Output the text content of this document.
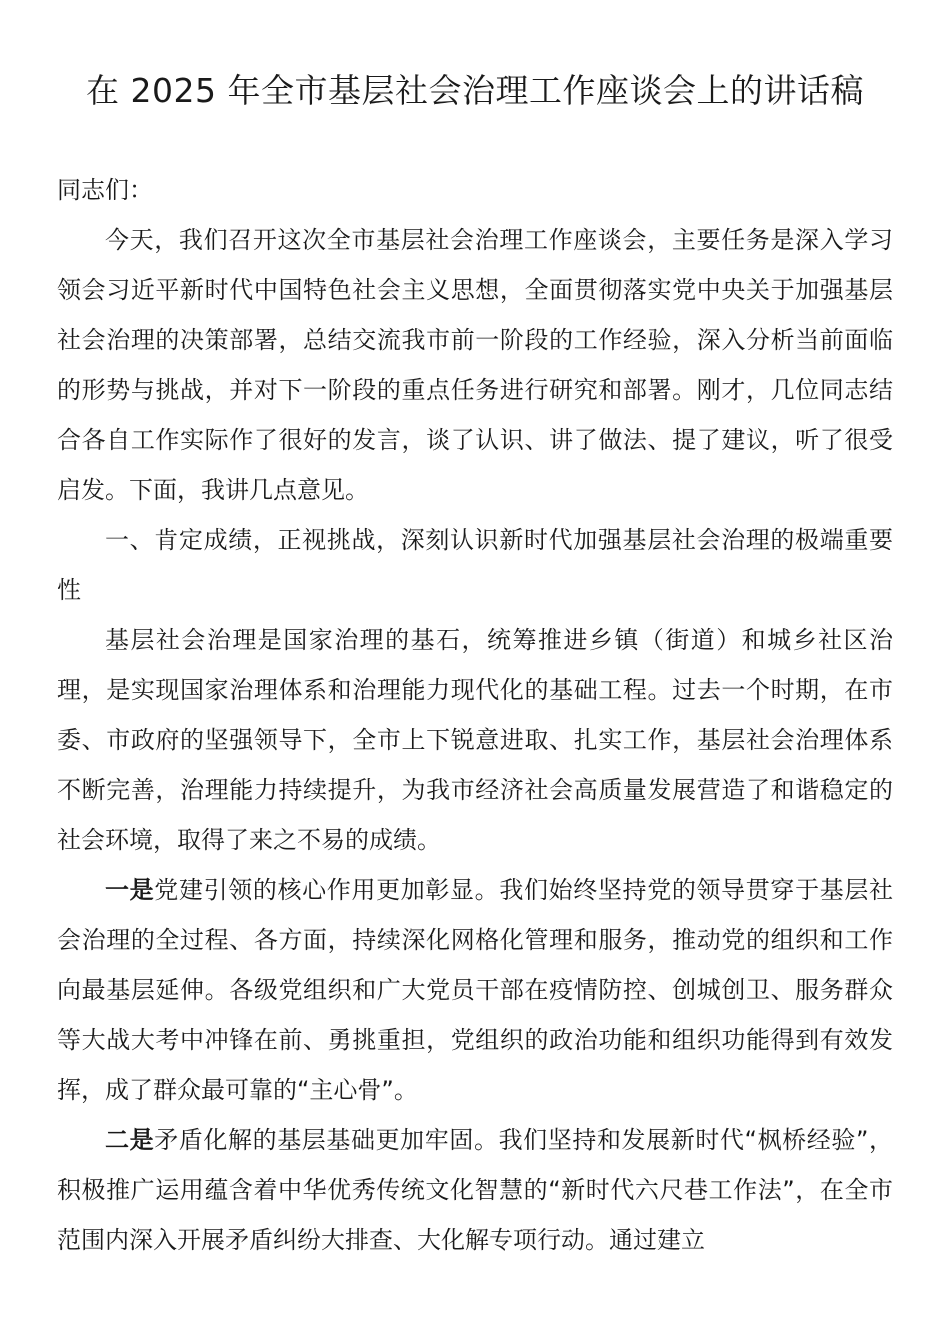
在 2025 年全市基层社会治理工作座谈会上的讲话稿

同志们：

今天，我们召开这次全市基层社会治理工作座谈会，主要任务是深入学习领会习近平新时代中国特色社会主义思想，全面贯彻落实党中央关于加强基层社会治理的决策部署，总结交流我市前一阶段的工作经验，深入分析当前面临的形势与挑战，并对下一阶段的重点任务进行研究和部署。刚才，几位同志结合各自工作实际作了很好的发言，谈了认识、讲了做法、提了建议，听了很受启发。下面，我讲几点意见。

一、肯定成绩，正视挑战，深刻认识新时代加强基层社会治理的极端重要性

基层社会治理是国家治理的基石，统筹推进乡镇（街道）和城乡社区治理，是实现国家治理体系和治理能力现代化的基础工程。过去一个时期，在市委、市政府的坚强领导下，全市上下锐意进取、扎实工作，基层社会治理体系不断完善，治理能力持续提升，为我市经济社会高质量发展营造了和谐稳定的社会环境，取得了来之不易的成绩。

一是党建引领的核心作用更加彰显。我们始终坚持党的领导贯穿于基层社会治理的全过程、各方面，持续深化网格化管理和服务，推动党的组织和工作向最基层延伸。各级党组织和广大党员干部在疫情防控、创城创卫、服务群众等大战大考中冲锋在前、勇挑重担，党组织的政治功能和组织功能得到有效发挥，成了群众最可靠的“主心骨”。

二是矛盾化解的基层基础更加牢固。我们坚持和发展新时代“枫桥经验”，积极推广运用蕴含着中华优秀传统文化智慧的“新时代六尺巷工作法”，在全市范围内深入开展矛盾纠纷大排查、大化解专项行动。通过建立
